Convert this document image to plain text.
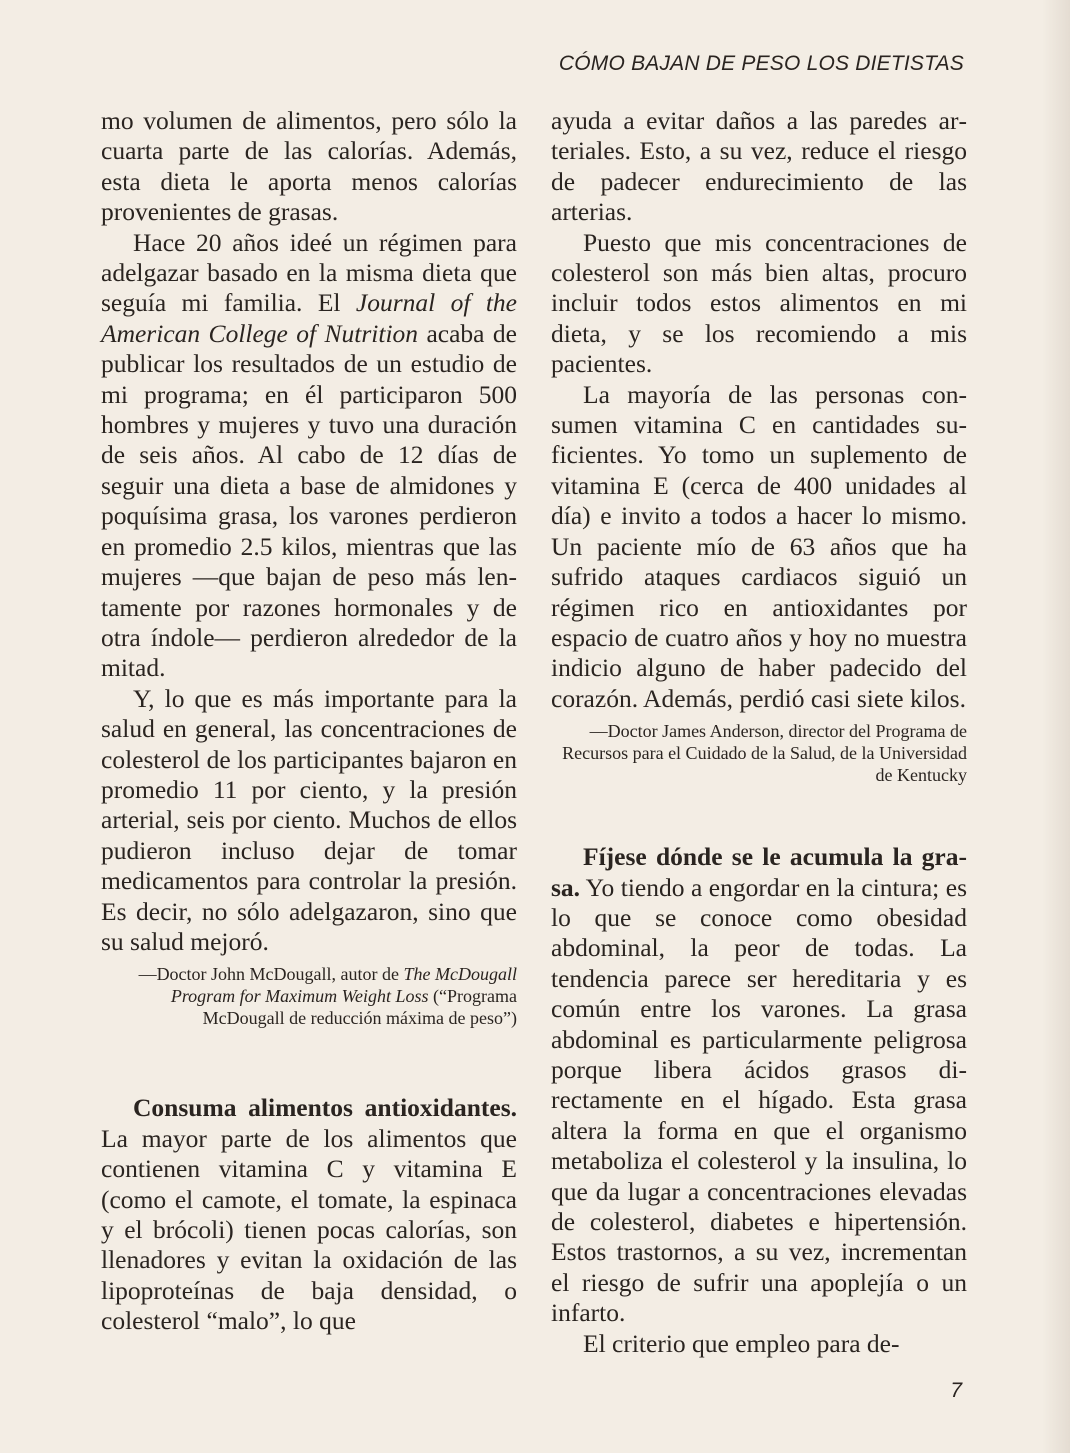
CÓMO BAJAN DE PESO LOS DIETISTAS

mo volumen de alimentos, pero sólo la cuarta parte de las calorías. Además, esta dieta le aporta menos calorías provenientes de grasas.

Hace 20 años ideé un régimen para adelgazar basado en la misma dieta que seguía mi familia. El Journal of the American College of Nutrition acaba de publicar los resultados de un estudio de mi programa; en él participaron 500 hombres y mujeres y tuvo una duración de seis años. Al cabo de 12 días de seguir una dieta a base de almidones y poquísima grasa, los varones perdieron en promedio 2.5 kilos, mientras que las mujeres —que bajan de peso más lentamente por razones hormonales y de otra índole— perdieron alrededor de la mitad.

Y, lo que es más importante para la salud en general, las concentraciones de colesterol de los participantes bajaron en promedio 11 por ciento, y la presión arterial, seis por ciento. Muchos de ellos pudieron incluso dejar de tomar medicamentos para controlar la presión. Es decir, no sólo adelgazaron, sino que su salud mejoró.

—Doctor John McDougall, autor de The McDougall Program for Maximum Weight Loss (“Programa McDougall de reducción máxima de peso”)

Consuma alimentos antioxidantes. La mayor parte de los alimentos que contienen vitamina C y vitamina E (como el camote, el tomate, la espinaca y el brócoli) tienen pocas calorías, son llenadores y evitan la oxidación de las lipoproteínas de baja densidad, o colesterol “malo”, lo que

ayuda a evitar daños a las paredes arteriales. Esto, a su vez, reduce el riesgo de padecer endurecimiento de las arterias.

Puesto que mis concentraciones de colesterol son más bien altas, procuro incluir todos estos alimentos en mi dieta, y se los recomiendo a mis pacientes.

La mayoría de las personas consumen vitamina C en cantidades suficientes. Yo tomo un suplemento de vitamina E (cerca de 400 unidades al día) e invito a todos a hacer lo mismo. Un paciente mío de 63 años que ha sufrido ataques cardiacos siguió un régimen rico en antioxidantes por espacio de cuatro años y hoy no muestra indicio alguno de haber padecido del corazón. Además, perdió casi siete kilos.

—Doctor James Anderson, director del Programa de Recursos para el Cuidado de la Salud, de la Universidad de Kentucky

Fíjese dónde se le acumula la grasa. Yo tiendo a engordar en la cintura; es lo que se conoce como obesidad abdominal, la peor de todas. La tendencia parece ser hereditaria y es común entre los varones. La grasa abdominal es particularmente peligrosa porque libera ácidos grasos directamente en el hígado. Esta grasa altera la forma en que el organismo metaboliza el colesterol y la insulina, lo que da lugar a concentraciones elevadas de colesterol, diabetes e hipertensión. Estos trastornos, a su vez, incrementan el riesgo de sufrir una apoplejía o un infarto.

El criterio que empleo para de-

7
